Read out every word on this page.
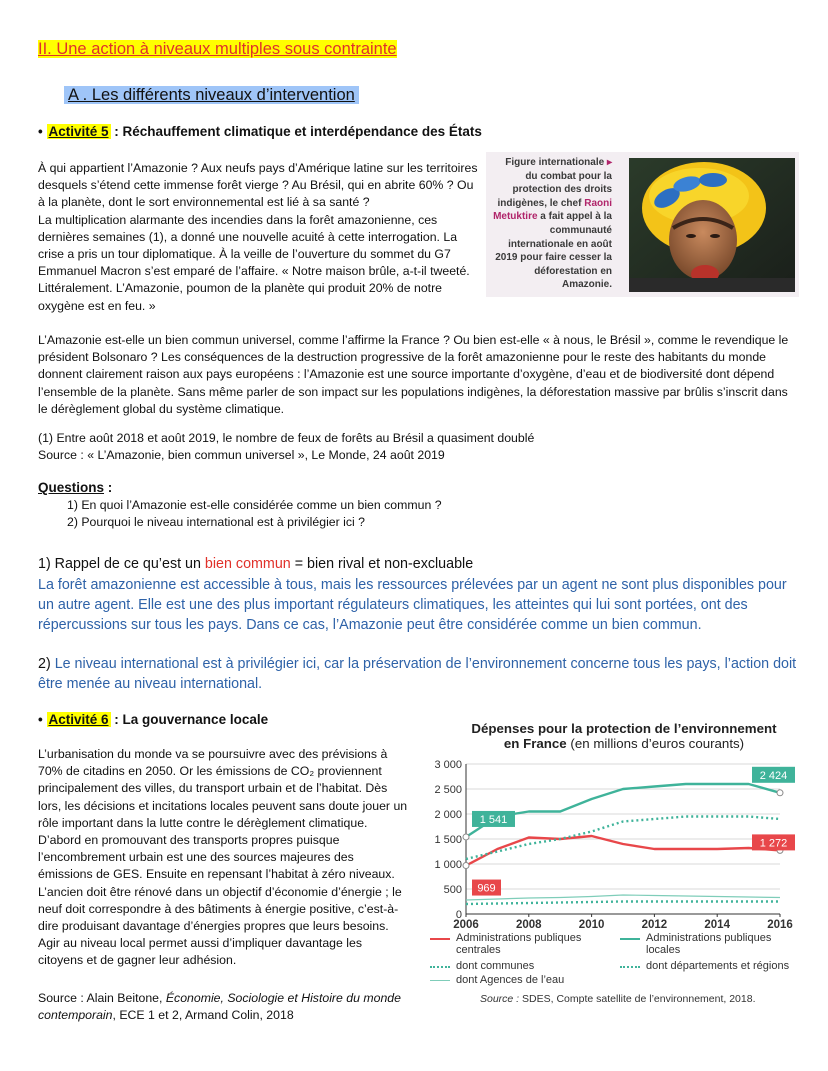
II. Une action à niveaux multiples sous contrainte
A . Les différents niveaux d’intervention
• Activité 5 : Réchauffement climatique et interdépendance des États
À qui appartient l’Amazonie ? Aux neufs pays d’Amérique latine sur les territoires desquels s’étend cette immense forêt vierge ? Au Brésil, qui en abrite 60% ? Ou à la planète, dont le sort environnemental est lié à sa santé ?
La multiplication alarmante des incendies dans la forêt amazonienne, ces dernières semaines (1), a donné une nouvelle acuité à cette interrogation. La crise a pris un tour diplomatique. À la veille de l’ouverture du sommet du G7 Emmanuel Macron s’est emparé de l’affaire. « Notre maison brûle, a-t-il tweeté. Littéralement. L’Amazonie, poumon de la planète qui produit 20% de notre oxygène est en feu. »
Figure internationale ▸ du combat pour la protection des droits indigènes, le chef Raoni Metuktire a fait appel à la communauté internationale en août 2019 pour faire cesser la déforestation en Amazonie.
L’Amazonie est-elle un bien commun universel, comme l’affirme la France ? Ou bien est-elle « à nous, le Brésil », comme le revendique le président Bolsonaro ? Les conséquences de la destruction progressive de la forêt amazonienne pour le reste des habitants du monde donnent clairement raison aux pays européens : l’Amazonie est une source importante d’oxygène, d’eau et de biodiversité dont dépend l’ensemble de la planète. Sans même parler de son impact sur les populations indigènes, la déforestation massive par brûlis s’inscrit dans le dérèglement global du système climatique.
(1) Entre août 2018 et août 2019, le nombre de feux de forêts au Brésil a quasiment doublé
Source : « L’Amazonie, bien commun universel », Le Monde, 24 août 2019
Questions :
1) En quoi l’Amazonie est-elle considérée comme un bien commun ?
2) Pourquoi le niveau international est à privilégier ici ?
1) Rappel de ce qu’est un bien commun = bien rival et non-excluable
La forêt amazonienne est accessible à tous, mais les ressources prélevées par un agent ne sont plus disponibles pour un autre agent. Elle est une des plus important régulateurs climatiques, les atteintes qui lui sont portées, ont des répercussions sur tous les pays. Dans ce cas, l’Amazonie peut être considérée comme un bien commun.
2) Le niveau international est à privilégier ici, car la préservation de l’environnement concerne tous les pays, l’action doit être menée au niveau international.
• Activité 6 : La gouvernance locale
L’urbanisation du monde va se poursuivre avec des prévisions à 70% de citadins en 2050. Or les émissions de CO₂ proviennent principalement des villes, du transport urbain et de l’habitat. Dès lors, les décisions et incitations locales peuvent sans doute jouer un rôle important dans la lutte contre le dérèglement climatique. D’abord en promouvant des transports propres puisque l’encombrement urbain est une des sources majeures des émissions de GES. Ensuite en repensant l’habitat à zéro niveaux. L’ancien doit être rénové dans un objectif d’économie d’énergie ; le neuf doit correspondre à des bâtiments à énergie positive, c’est-à-dire produisant davantage d’énergies propres que leurs besoins. Agir au niveau local permet aussi d’impliquer davantage les citoyens et de gagner leur adhésion.
Source : Alain Beitone, Économie, Sociologie et Histoire du monde contemporain, ECE 1 et 2, Armand Colin, 2018
Dépenses pour la protection de l’environnement
en France (en millions d’euros courants)
0
500
1 000
1 500
2 000
2 500
3 000
2006	2008	2010	2012	2014	2016
2 424
1 541
1 272
969
Administrations publiques centrales
Administrations publiques locales
dont communes	dont départements et régions
dont Agences de l’eau
Source : SDES, Compte satellite de l’environnement, 2018.
